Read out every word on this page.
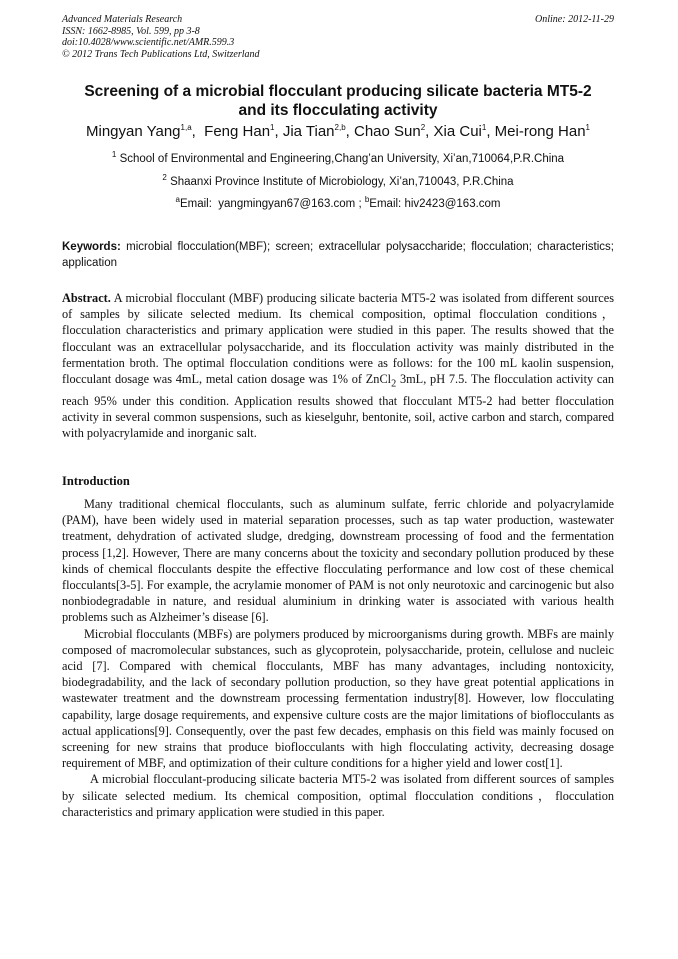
Advanced Materials Research
ISSN: 1662-8985, Vol. 599, pp 3-8
doi:10.4028/www.scientific.net/AMR.599.3
© 2012 Trans Tech Publications Ltd, Switzerland
Online: 2012-11-29
Screening of a microbial flocculant producing silicate bacteria MT5-2
and its flocculating activity
Mingyan Yang$^{1,a}$,  Feng Han$^1$, Jia Tian$^{2,b}$, Chao Sun$^2$, Xia Cui$^1$, Mei-rong Han$^1$
$^1$ School of Environmental and Engineering,Chang’an University, Xi’an,710064,P.R.China
$^2$ Shaanxi Province Institute of Microbiology, Xi’an,710043, P.R.China
$^a$Email:  yangmingyan67@163.com ; $^b$Email: hiv2423@163.com
Keywords: microbial flocculation(MBF); screen; extracellular polysaccharide; flocculation; characteristics; application
Abstract. A microbial flocculant (MBF) producing silicate bacteria MT5-2 was isolated from different sources of samples by silicate selected medium. Its chemical composition, optimal flocculation conditions，flocculation characteristics and primary application were studied in this paper. The results showed that the flocculant was an extracellular polysaccharide, and its flocculation activity was mainly distributed in the fermentation broth. The optimal flocculation conditions were as follows: for the 100 mL kaolin suspension, flocculant dosage was 4mL, metal cation dosage was 1% of ZnCl$_2$ 3mL, pH 7.5. The flocculation activity can reach 95% under this condition. Application results showed that flocculant MT5-2 had better flocculation activity in several common suspensions, such as kieselguhr, bentonite, soil, active carbon and starch, compared with polyacrylamide and inorganic salt.
Introduction

Many traditional chemical flocculants, such as aluminum sulfate, ferric chloride and polyacrylamide (PAM), have been widely used in material separation processes, such as tap water production, wastewater treatment, dehydration of activated sludge, dredging, downstream processing of food and the fermentation process [1,2]. However, There are many concerns about the toxicity and secondary pollution produced by these kinds of chemical flocculants despite the effective flocculating performance and low cost of these chemical flocculants[3-5]. For example, the acrylamie monomer of PAM is not only neurotoxic and carcinogenic but also nonbiodegradable in nature, and residual aluminium in drinking water is associated with various health problems such as Alzheimer’s disease [6].

Microbial flocculants (MBFs) are polymers produced by microorganisms during growth. MBFs are mainly composed of macromolecular substances, such as glycoprotein, polysaccharide, protein, cellulose and nucleic acid [7]. Compared with chemical flocculants, MBF has many advantages, including nontoxicity, biodegradability, and the lack of secondary pollution production, so they have great potential applications in wastewater treatment and the downstream processing fermentation industry[8]. However, low flocculating capability, large dosage requirements, and expensive culture costs are the major limitations of bioflocculants as actual applications[9]. Consequently, over the past few decades, emphasis on this field was mainly focused on screening for new strains that produce bioflocculants with high flocculating activity, decreasing dosage requirement of MBF, and optimization of their culture conditions for a higher yield and lower cost[1].

A microbial flocculant-producing silicate bacteria MT5-2 was isolated from different sources of samples by silicate selected medium. Its chemical composition, optimal flocculation conditions，flocculation characteristics and primary application were studied in this paper.
